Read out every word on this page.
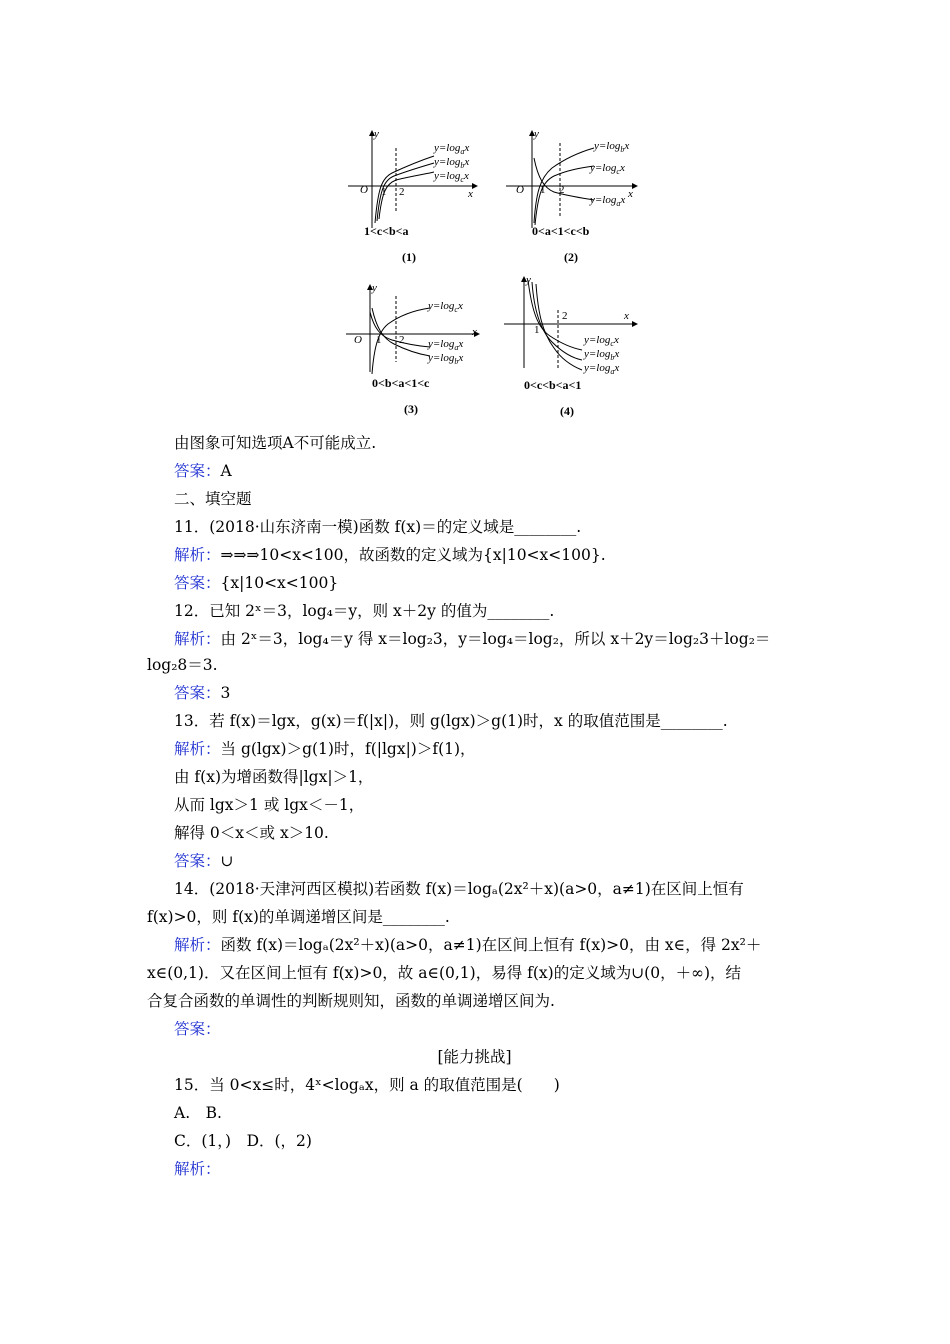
y
x
O 1 2
$y=\log_ax$
$y=\log_bx$
$y=\log_cx$
1<c<b<a
(1)
y
x
O 1 2
$y=\log_bx$
$y=\log_cx$
$y=\log_ax$
0<a<1<c<b
(2)
y
x
O 1 2
$y=\log_cx$
$y=\log_ax$
$y=\log_bx$
0<b<a<1<c
(3)
y
x
1
2
$y=\log_cx$
$y=\log_bx$
$y=\log_ax$
0<c<b<a<1
(4)
由图象可知选项A不可能成立.
答案：A
二、填空题
11．(2018·山东济南一模)函数 f(x)＝的定义域是________.
解析：⇒⇒⇒10<x<100，故函数的定义域为{x|10<x<100}.
答案：{x|10<x<100}
12．已知 2ˣ＝3，log₄＝y，则 x＋2y 的值为________.
解析：由 2ˣ＝3，log₄＝y 得 x＝log₂3，y＝log₄＝log₂，所以 x＋2y＝log₂3＋log₂＝
log₂8＝3.
答案：3
13．若 f(x)＝lgx，g(x)＝f(|x|)，则 g(lgx)＞g(1)时，x 的取值范围是________.
解析：当 g(lgx)＞g(1)时，f(|lgx|)＞f(1)，
由 f(x)为增函数得|lgx|＞1，
从而 lgx＞1 或 lgx＜－1，
解得 0＜x＜或 x＞10.
答案：∪
14．(2018·天津河西区模拟)若函数 f(x)＝logₐ(2x²＋x)(a>0，a≠1)在区间上恒有
f(x)>0，则 f(x)的单调递增区间是________.
解析：函数 f(x)＝logₐ(2x²＋x)(a>0，a≠1)在区间上恒有 f(x)>0，由 x∈，得 2x²＋
x∈(0,1)．又在区间上恒有 f(x)>0，故 a∈(0,1)，易得 f(x)的定义域为∪(0，＋∞)，结
合复合函数的单调性的判断规则知，函数的单调递增区间为.
答案：
[能力挑战]
15．当 0<x≤时，4ˣ<logₐx，则 a 的取值范围是(　　)
A.　B.
C．(1，)　D．(，2)
解析：
